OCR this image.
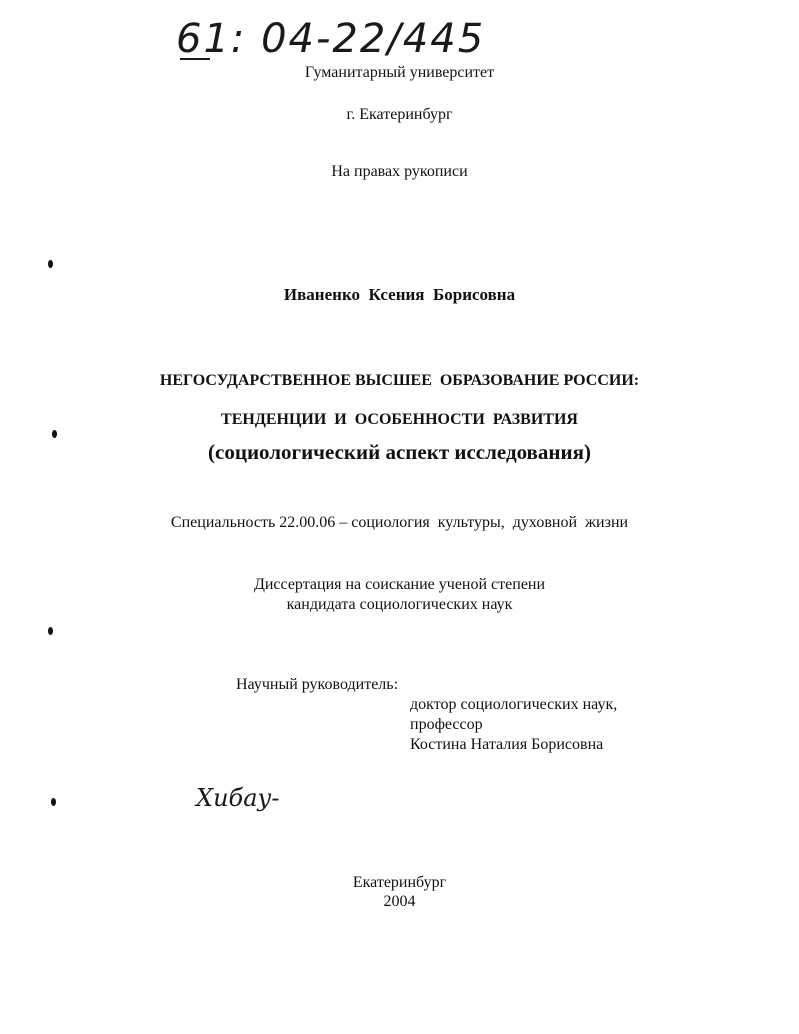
61: 04-22/445
Гуманитарный университет
г. Екатеринбург
На правах рукописи
Иваненко  Ксения  Борисовна
НЕГОСУДАРСТВЕННОЕ ВЫСШЕЕ  ОБРАЗОВАНИЕ РОССИИ:
ТЕНДЕНЦИИ  И  ОСОБЕННОСТИ  РАЗВИТИЯ
(социологический аспект исследования)
Специальность 22.00.06 – социология  культуры,  духовной  жизни
Диссертация на соискание ученой степени
кандидата социологических наук
Научный руководитель:
доктор социологических наук,
профессор
Костина Наталия Борисовна
Хибау-
Екатеринбург
2004
